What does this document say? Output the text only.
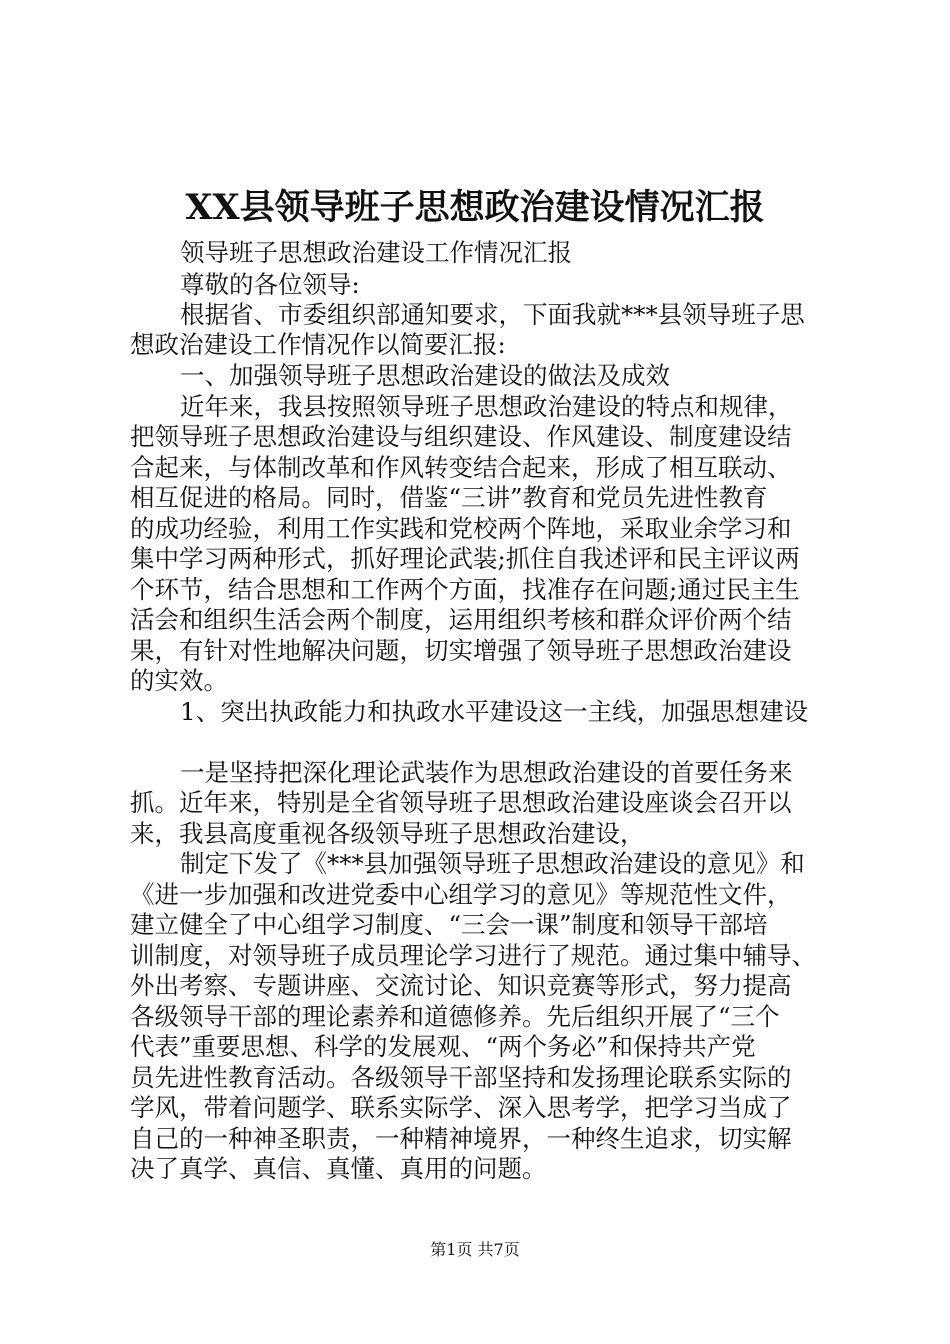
XX县领导班子思想政治建设情况汇报
领导班子思想政治建设工作情况汇报
尊敬的各位领导:
根据省、市委组织部通知要求，下面我就***县领导班子思
想政治建设工作情况作以简要汇报:
一、加强领导班子思想政治建设的做法及成效
近年来，我县按照领导班子思想政治建设的特点和规律，
把领导班子思想政治建设与组织建设、作风建设、制度建设结
合起来，与体制改革和作风转变结合起来，形成了相互联动、
相互促进的格局。同时，借鉴“三讲”教育和党员先进性教育
的成功经验，利用工作实践和党校两个阵地，采取业余学习和
集中学习两种形式，抓好理论武装;抓住自我述评和民主评议两
个环节，结合思想和工作两个方面，找准存在问题;通过民主生
活会和组织生活会两个制度，运用组织考核和群众评价两个结
果，有针对性地解决问题，切实增强了领导班子思想政治建设
的实效。
1、突出执政能力和执政水平建设这一主线，加强思想建设
一是坚持把深化理论武装作为思想政治建设的首要任务来
抓。近年来，特别是全省领导班子思想政治建设座谈会召开以
来，我县高度重视各级领导班子思想政治建设，
制定下发了《***县加强领导班子思想政治建设的意见》和
《进一步加强和改进党委中心组学习的意见》等规范性文件，
建立健全了中心组学习制度、“三会一课”制度和领导干部培
训制度，对领导班子成员理论学习进行了规范。通过集中辅导、
外出考察、专题讲座、交流讨论、知识竞赛等形式，努力提高
各级领导干部的理论素养和道德修养。先后组织开展了“三个
代表”重要思想、科学的发展观、“两个务必”和保持共产党
员先进性教育活动。各级领导干部坚持和发扬理论联系实际的
学风，带着问题学、联系实际学、深入思考学，把学习当成了
自己的一种神圣职责，一种精神境界，一种终生追求，切实解
决了真学、真信、真懂、真用的问题。
第1页 共7页
